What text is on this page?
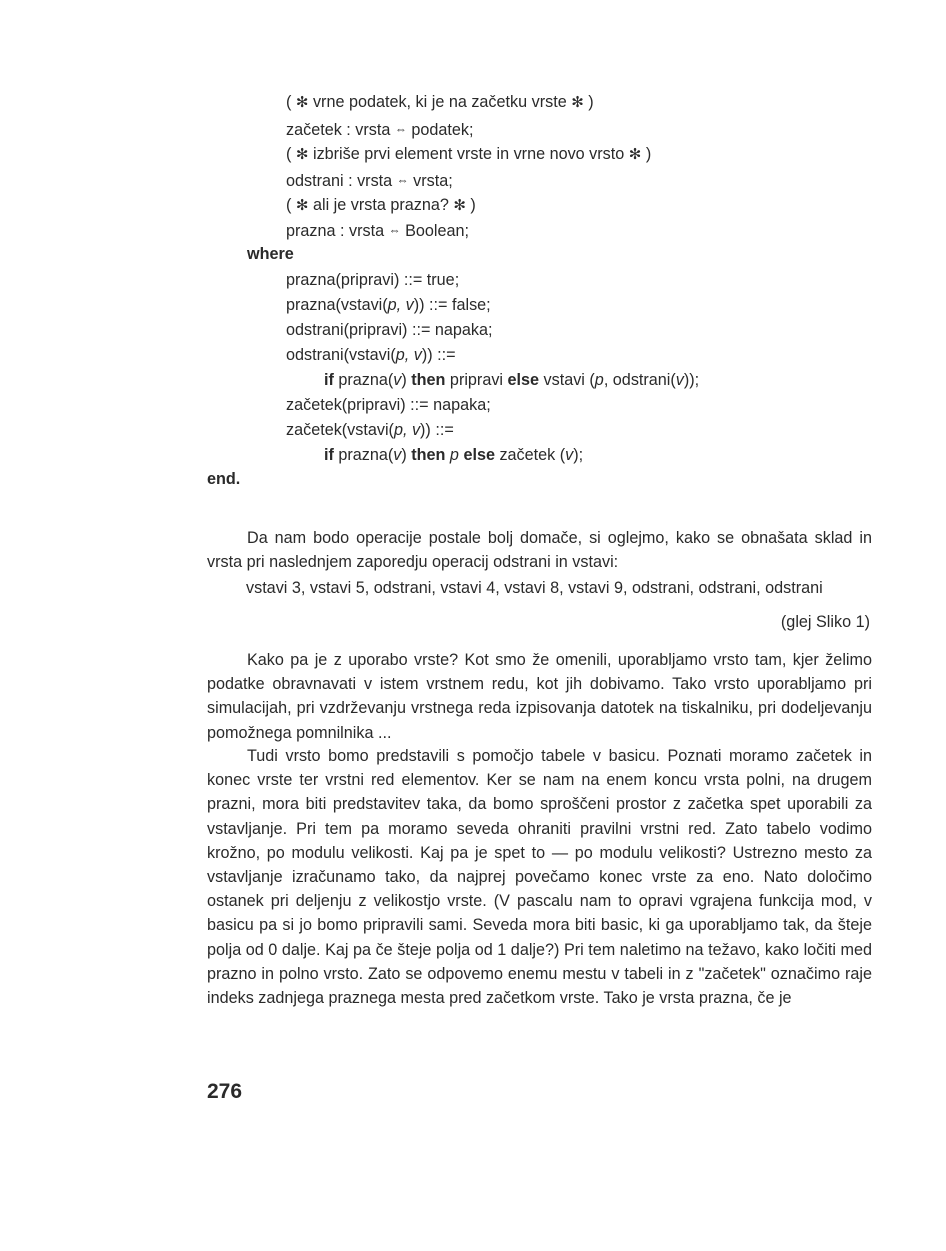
( ✻ vrne podatek, ki je na začetku vrste ✻ )
začetek : vrsta ⇔ podatek;
( ✻ izbriše prvi element vrste in vrne novo vrsto ✻ )
odstrani : vrsta ⇔ vrsta;
( ✻ ali je vrsta prazna? ✻ )
prazna : vrsta ⇔ Boolean;
where
prazna(pripravi) ::= true;
prazna(vstavi(p, v)) ::= false;
odstrani(pripravi) ::= napaka;
odstrani(vstavi(p, v)) ::=
if prazna(v) then pripravi else vstavi (p, odstrani(v));
začetek(pripravi) ::= napaka;
začetek(vstavi(p, v)) ::=
if prazna(v) then p else začetek (v);
end.
Da nam bodo operacije postale bolj domače, si oglejmo, kako se obnašata sklad in vrsta pri naslednjem zaporedju operacij odstrani in vstavi:
vstavi 3, vstavi 5, odstrani, vstavi 4, vstavi 8, vstavi 9, odstrani, odstrani, odstrani
(glej Sliko 1)
Kako pa je z uporabo vrste? Kot smo že omenili, uporabljamo vrsto tam, kjer želimo podatke obravnavati v istem vrstnem redu, kot jih dobivamo. Tako vrsto uporabljamo pri simulacijah, pri vzdrževanju vrstnega reda izpisovanja datotek na tiskalniku, pri dodeljevanju pomožnega pomnilnika ...
Tudi vrsto bomo predstavili s pomočjo tabele v basicu. Poznati moramo začetek in konec vrste ter vrstni red elementov. Ker se nam na enem koncu vrsta polni, na drugem prazni, mora biti predstavitev taka, da bomo sproščeni prostor z začetka spet uporabili za vstavljanje. Pri tem pa moramo seveda ohraniti pravilni vrstni red. Zato tabelo vodimo krožno, po modulu velikosti. Kaj pa je spet to — po modulu velikosti? Ustrezno mesto za vstavljanje izračunamo tako, da najprej povečamo konec vrste za eno. Nato določimo ostanek pri deljenju z velikostjo vrste. (V pascalu nam to opravi vgrajena funkcija mod, v basicu pa si jo bomo pripravili sami. Seveda mora biti basic, ki ga uporabljamo tak, da šteje polja od 0 dalje. Kaj pa če šteje polja od 1 dalje?) Pri tem naletimo na težavo, kako ločiti med prazno in polno vrsto. Zato se odpovemo enemu mestu v tabeli in z "začetek" označimo raje indeks zadnjega praznega mesta pred začetkom vrste. Tako je vrsta prazna, če je
276
